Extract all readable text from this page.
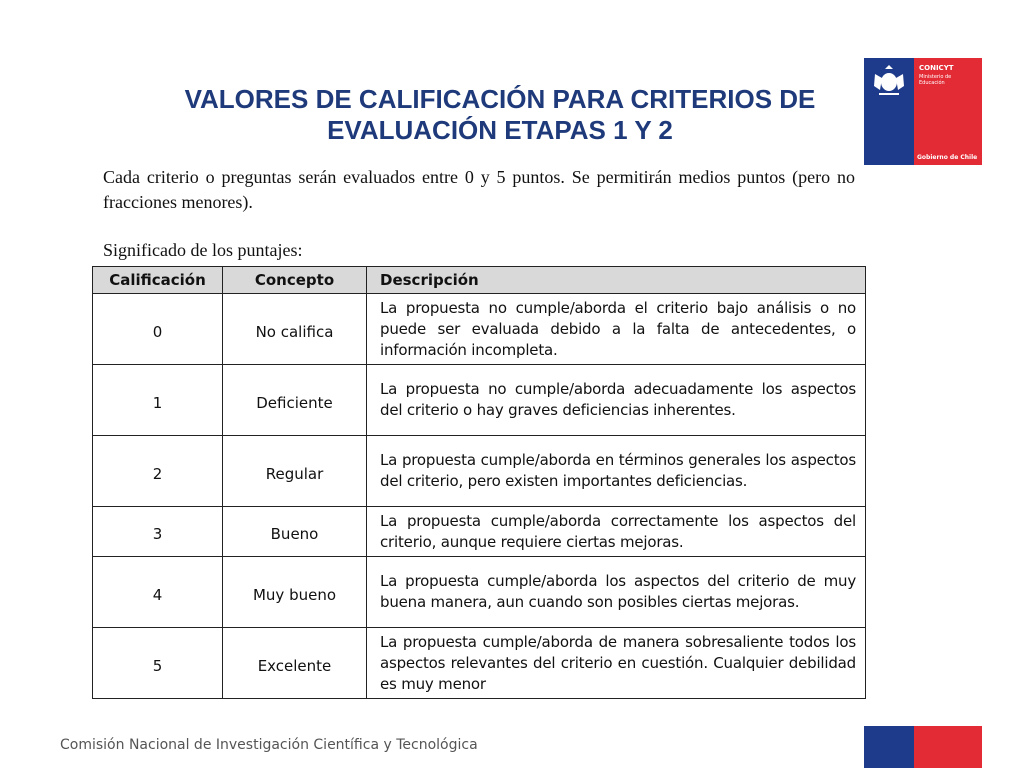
CONICYT
Ministerio de Educación
Gobierno de Chile
VALORES DE CALIFICACIÓN PARA CRITERIOS DE EVALUACIÓN ETAPAS 1 Y 2
Cada criterio o preguntas serán evaluados entre 0 y 5 puntos. Se permitirán medios puntos (pero no fracciones menores).
Significado de los puntajes:
Calificación	Concepto	Descripción
0	No califica	La propuesta no cumple/aborda el criterio bajo análisis o no puede ser evaluada debido a la falta de antecedentes, o información incompleta.
1	Deficiente	La propuesta no cumple/aborda adecuadamente los aspectos del criterio o hay graves deficiencias inherentes.
2	Regular	La propuesta cumple/aborda en términos generales los aspectos del criterio, pero existen importantes deficiencias.
3	Bueno	La propuesta cumple/aborda correctamente los aspectos del criterio, aunque requiere ciertas mejoras.
4	Muy bueno	La propuesta cumple/aborda los aspectos del criterio de muy buena manera, aun cuando son posibles ciertas mejoras.
5	Excelente	La propuesta cumple/aborda de manera sobresaliente todos los aspectos relevantes del criterio en cuestión. Cualquier debilidad es muy menor
Comisión Nacional de Investigación Científica y Tecnológica
